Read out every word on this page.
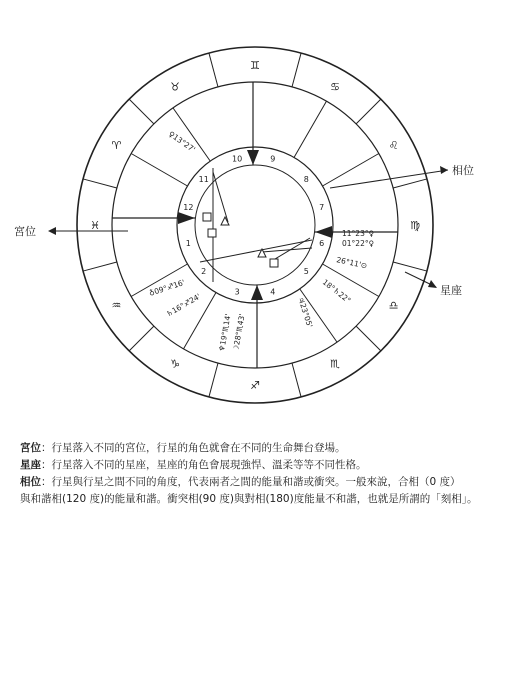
相位
宮位
星座
1
2
3	4
5
6
7
8
9
10
11
12
♊
♉
♈
♓
♒
♑
♐
♏
♎
♍
♌
♋
♀13°27'
11°23°♀
01°22°♀
26°11'⊙
18°♄22°
♃23°05'
♆19°♏14'
☽28°♏43'
♄16°♐24'
♁09°♐16'
宮位：行星落入不同的宮位，行星的角色就會在不同的生命舞台登場。
星座：行星落入不同的星座，星座的角色會展現強悍、溫柔等等不同性格。
相位：行星與行星之間不同的角度，代表兩者之間的能量和諧或衝突。一般來說，合相（0 度）
與和諧相(120 度)的能量和諧。衝突相(90 度)與對相(180)度能量不和諧，也就是所謂的「刻相」。
